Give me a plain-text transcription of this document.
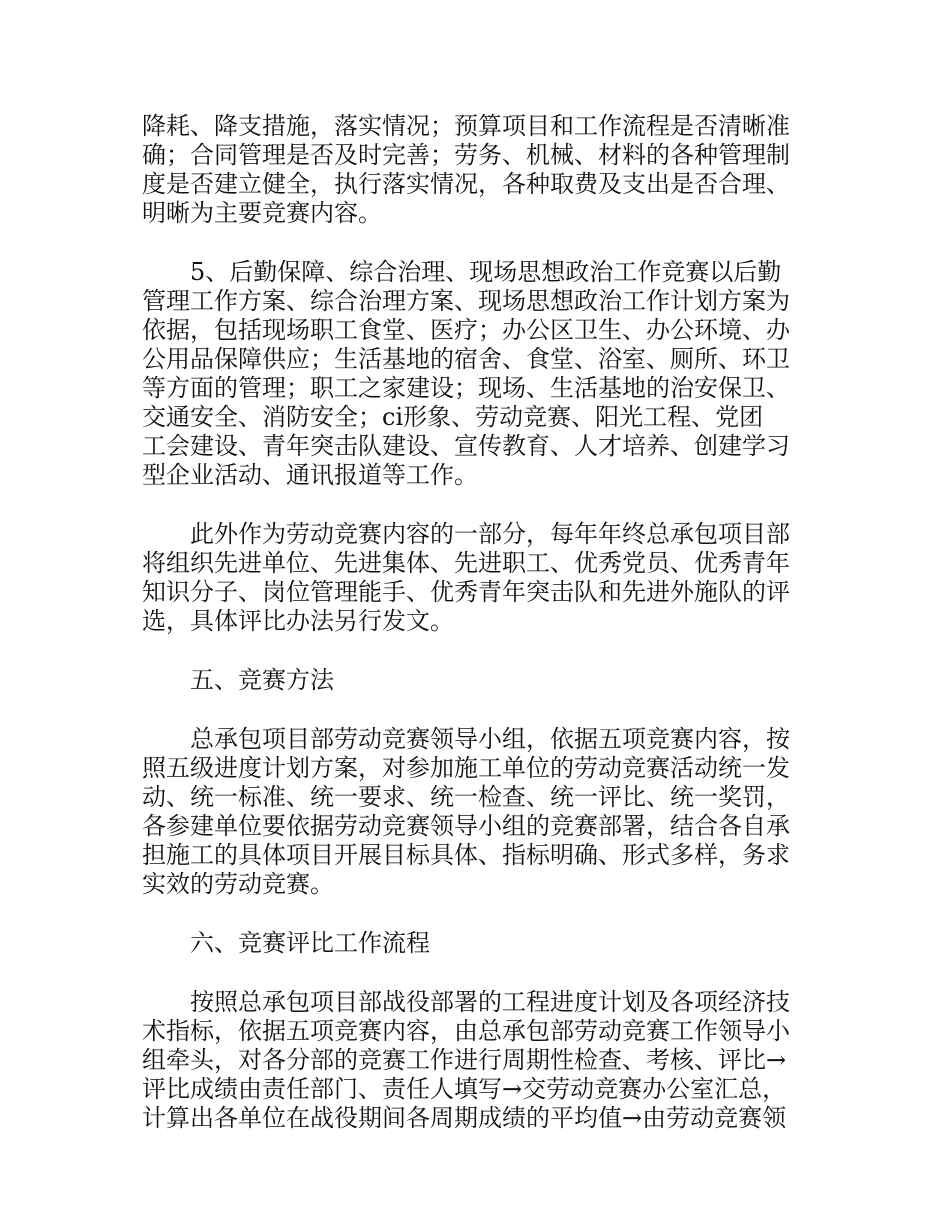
降耗、降支措施，落实情况；预算项目和工作流程是否清晰准
确；合同管理是否及时完善；劳务、机械、材料的各种管理制
度是否建立健全，执行落实情况，各种取费及支出是否合理、
明晰为主要竞赛内容。
5、后勤保障、综合治理、现场思想政治工作竞赛以后勤
管理工作方案、综合治理方案、现场思想政治工作计划方案为
依据，包括现场职工食堂、医疗；办公区卫生、办公环境、办
公用品保障供应；生活基地的宿舍、食堂、浴室、厕所、环卫
等方面的管理；职工之家建设；现场、生活基地的治安保卫、
交通安全、消防安全；ci形象、劳动竞赛、阳光工程、党团
工会建设、青年突击队建设、宣传教育、人才培养、创建学习
型企业活动、通讯报道等工作。
此外作为劳动竞赛内容的一部分，每年年终总承包项目部
将组织先进单位、先进集体、先进职工、优秀党员、优秀青年
知识分子、岗位管理能手、优秀青年突击队和先进外施队的评
选，具体评比办法另行发文。
五、竞赛方法
总承包项目部劳动竞赛领导小组，依据五项竞赛内容，按
照五级进度计划方案，对参加施工单位的劳动竞赛活动统一发
动、统一标准、统一要求、统一检查、统一评比、统一奖罚，
各参建单位要依据劳动竞赛领导小组的竞赛部署，结合各自承
担施工的具体项目开展目标具体、指标明确、形式多样，务求
实效的劳动竞赛。
六、竞赛评比工作流程
按照总承包项目部战役部署的工程进度计划及各项经济技
术指标，依据五项竞赛内容，由总承包部劳动竞赛工作领导小
组牵头，对各分部的竞赛工作进行周期性检查、考核、评比→
评比成绩由责任部门、责任人填写→交劳动竞赛办公室汇总，
计算出各单位在战役期间各周期成绩的平均值→由劳动竞赛领
